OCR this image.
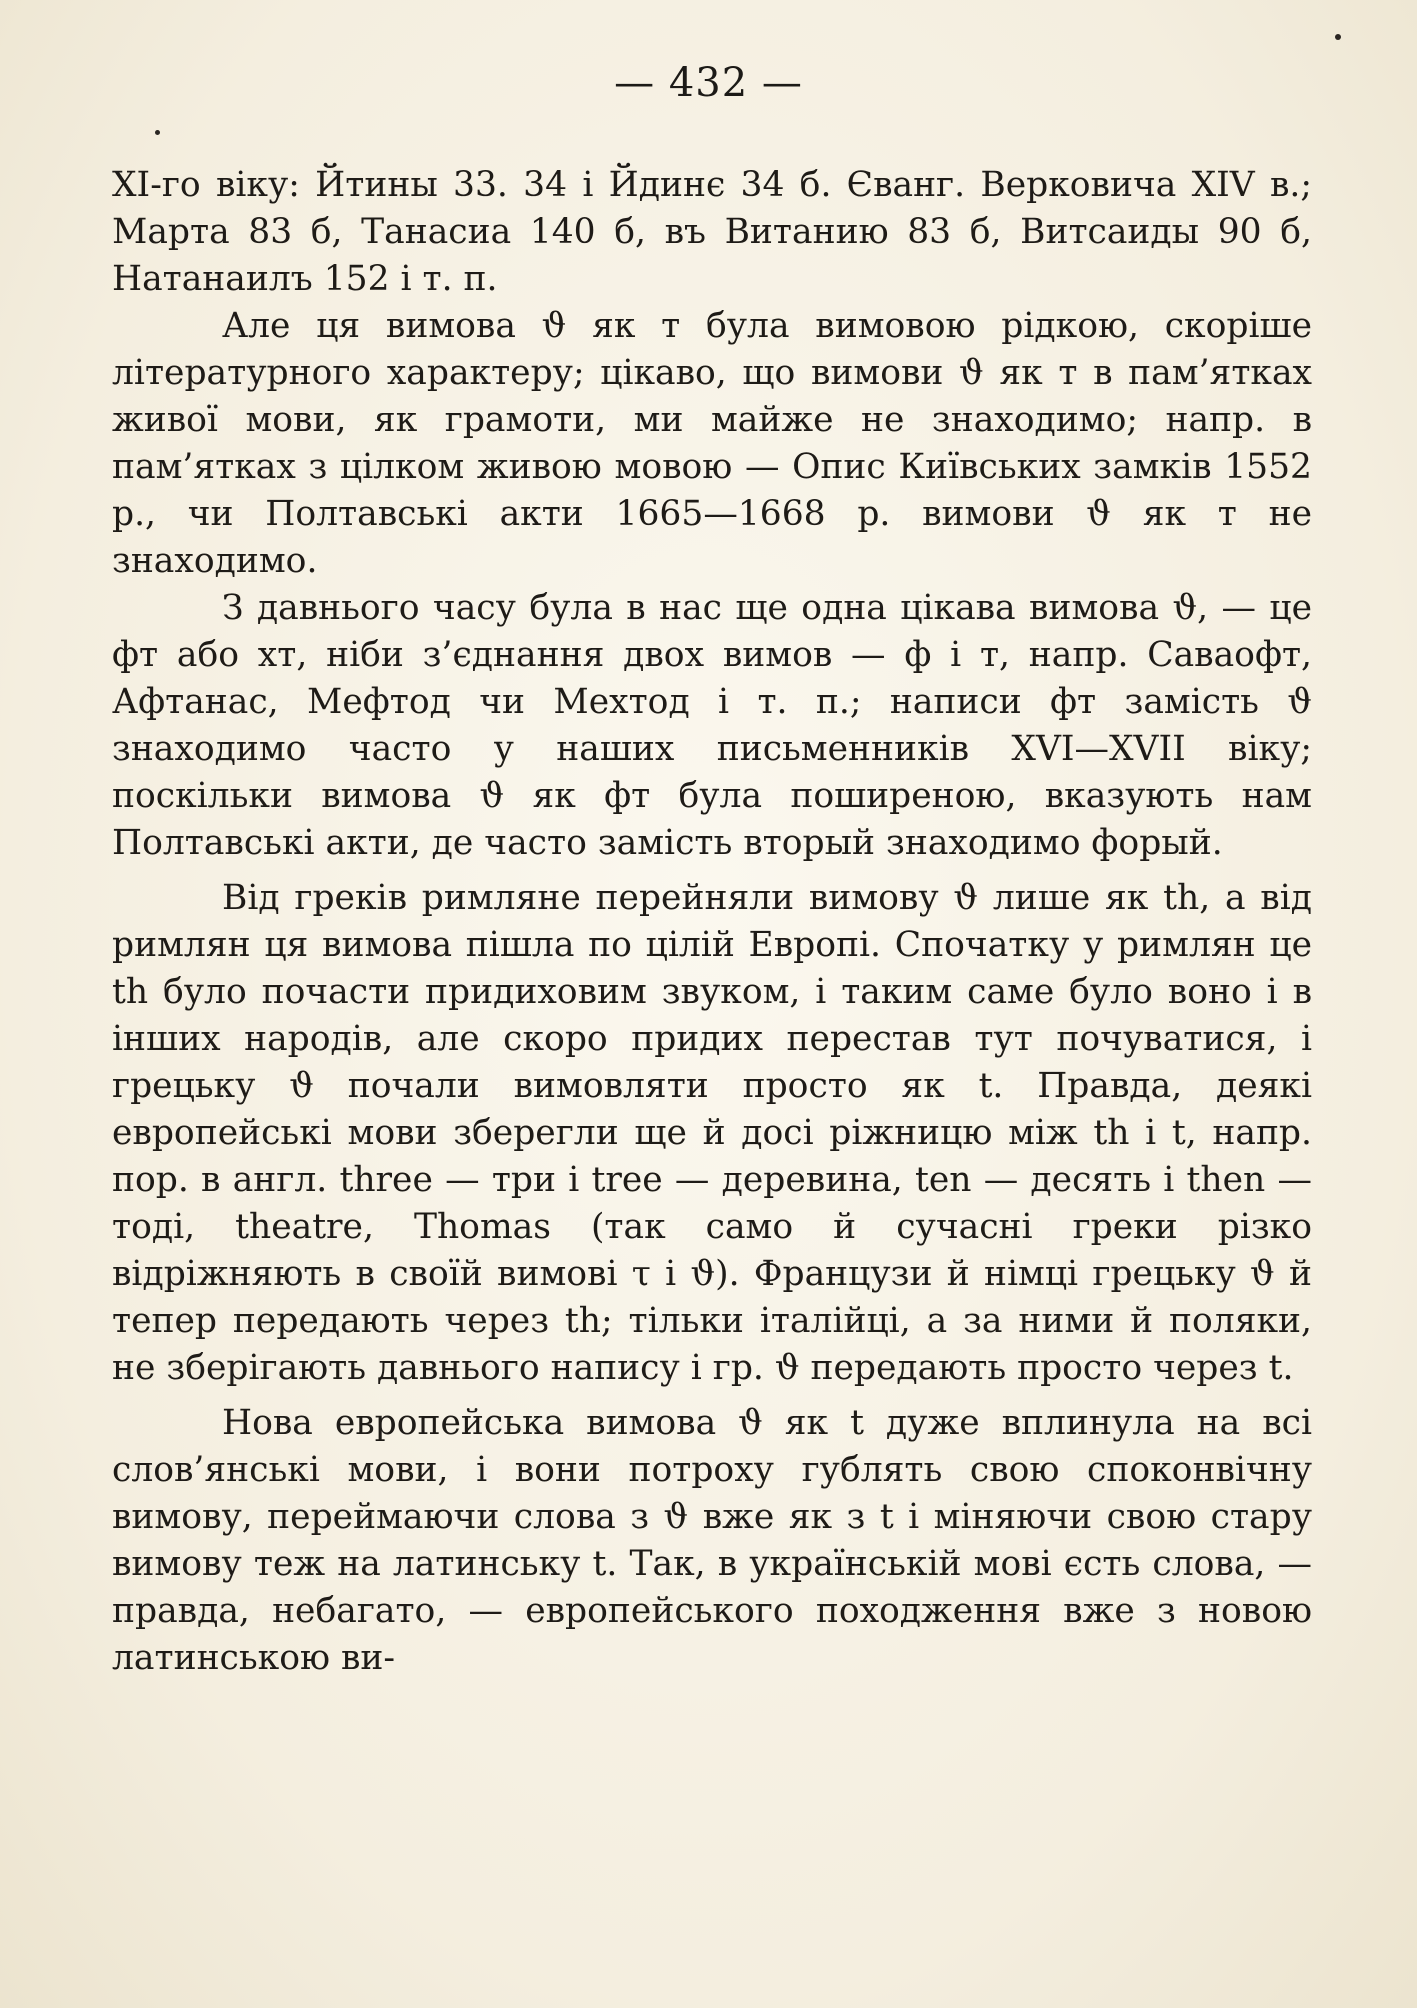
— 432 —

XI-го віку: Йтины 33. 34 і Йдинє 34 б. Єванг. Верковича XIV в.; Марта 83 б, Танасиа 140 б, въ Витанию 83 б, Витсаиды 90 б, Натанаилъ 152 і т. п.

Але ця вимова ϑ як т була вимовою рідкою, скоріше літературного характеру; цікаво, що вимови ϑ як т в пам’ятках живої мови, як грамоти, ми майже не знаходимо; напр. в пам’ятках з цілком живою мовою — Опис Київських замків 1552 р., чи Полтавські акти 1665—1668 р. вимови ϑ як т не знаходимо.

З давнього часу була в нас ще одна цікава вимова ϑ, — це фт або хт, ніби з’єднання двох вимов — ф і т, напр. Саваофт, Афтанас, Мефтод чи Мехтод і т. п.; написи фт замість ϑ знаходимо часто у наших письменників XVI—XVII віку; поскільки вимова ϑ як фт була поширеною, вказують нам Полтавські акти, де часто замість вторый знаходимо форый.

Від греків римляне перейняли вимову ϑ лише як th, а від римлян ця вимова пішла по цілій Европі. Спочатку у римлян це th було почасти придиховим звуком, і таким саме було воно і в інших народів, але скоро придих перестав тут почуватися, і грецьку ϑ почали вимовляти просто як t. Правда, деякі европейські мови зберегли ще й досі ріжницю між th і t, напр. пор. в англ. three — три і tree — деревина, ten — десять і then — тоді, theatre, Thomas (так само й сучасні греки різко відріжняють в своїй вимові τ і ϑ). Французи й німці грецьку ϑ й тепер передають через th; тільки італійці, а за ними й поляки, не зберігають давнього напису і гр. ϑ передають просто через t.

Нова европейська вимова ϑ як t дуже вплинула на всі слов’янські мови, і вони потроху гублять свою споконвічну вимову, переймаючи слова з ϑ вже як з t і міняючи свою стару вимову теж на латинську t. Так, в українській мові єсть слова, — правда, небагато, — европейського походження вже з новою латинською ви-
